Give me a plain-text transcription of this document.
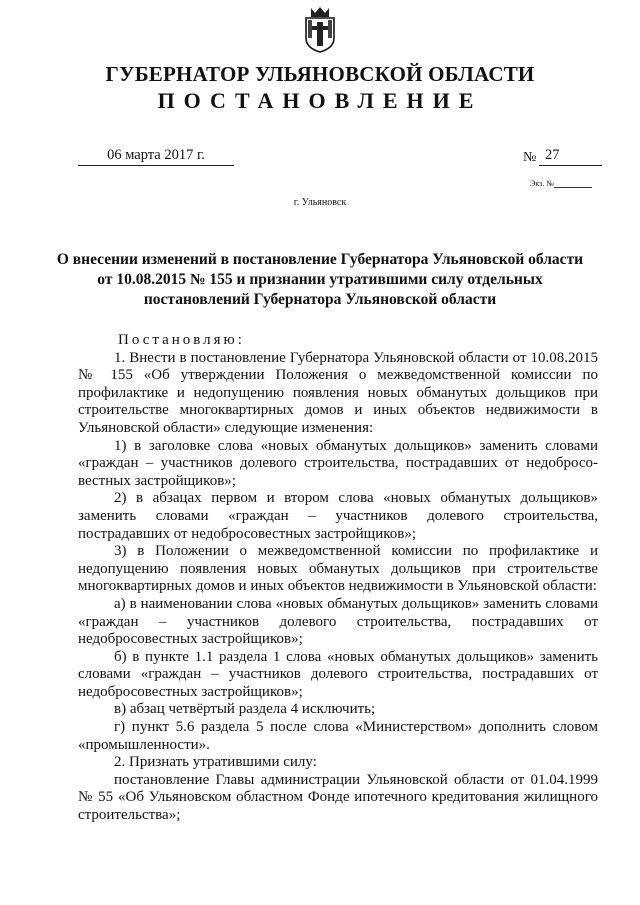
ГУБЕРНАТОР УЛЬЯНОВСКОЙ ОБЛАСТИ
ПОСТАНОВЛЕНИЕ
06 марта 2017 г.	№ 27
Экз. №
г. Ульяновск
О внесении изменений в постановление Губернатора Ульяновской области от 10.08.2015 № 155 и признании утратившими силу отдельных постановлений Губернатора Ульяновской области

Постановляю:

1. Внести в постановление Губернатора Ульяновской области от 10.08.2015 № 155 «Об утверждении Положения о межведомственной комиссии по профилактике и недопущению появления новых обманутых дольщиков при строительстве многоквартирных домов и иных объектов недвижимости в Ульяновской области» следующие изменения:

1) в заголовке слова «новых обманутых дольщиков» заменить словами «граждан – участников долевого строительства, пострадавших от недобросо-вестных застройщиков»;

2) в абзацах первом и втором слова «новых обманутых дольщиков» заменить словами «граждан – участников долевого строительства, пострадавших от недобросовестных застройщиков»;

3) в Положении о межведомственной комиссии по профилактике и недопущению появления новых обманутых дольщиков при строительстве многоквартирных домов и иных объектов недвижимости в Ульяновской области:

а) в наименовании слова «новых обманутых дольщиков» заменить словами «граждан – участников долевого строительства, пострадавших от недобросовестных застройщиков»;

б) в пункте 1.1 раздела 1 слова «новых обманутых дольщиков» заменить словами «граждан – участников долевого строительства, пострадавших от недобросовестных застройщиков»;

в) абзац четвёртый раздела 4 исключить;

г) пункт 5.6 раздела 5 после слова «Министерством» дополнить словом «промышленности».

2. Признать утратившими силу:

постановление Главы администрации Ульяновской области от 01.04.1999 № 55 «Об Ульяновском областном Фонде ипотечного кредитования жилищного строительства»;
